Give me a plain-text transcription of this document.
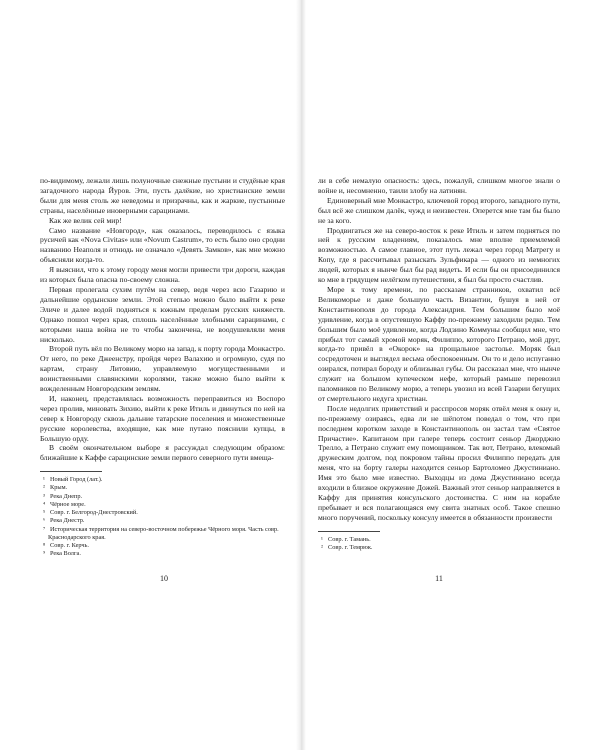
по-видимому, лежали лишь полуночные снежные пустыни и студёные края загадочного народа Йуров. Эти, пусть далёкие, но христианские земли были для меня столь же неведомы и призрачны, как и жаркие, пустынные страны, населённые иноверными сарацинами.

Как же велик сей мир!

Само название «Новгород», как оказалось, переводилось с языка русичей как «Nova Civitas» или «Novum Castrum», то есть было оно сродни названию Неаполя и отнюдь не означало «Девять Замков», как мне можно объясняли когда-то.

Я выяснил, что к этому городу меня могли привести три дороги, каждая из которых была опасна по-своему сложна.

Первая пролегала сухим путём на север, ведя через всю Газарию и дальнейшие ордынские земли. Этой степью можно было выйти к реке Эличе и далее водой подняться к южным пределам русских княжеств. Однако пошол через края, сплошь населённые злобными сарацинами, с которыми наша война не то чтобы закончена, не воодушевляли меня нисколько.

Второй путь вёл по Великому морю на запад, к порту города Монкастро. От него, по реке Джеенстру, пройдя через Валахию и огромную, судя по картам, страну Литовию, управляемую могущественными и воинственными славянскими королями, также можно было выйти к вожделенным Новгородским землям.

И, наконец, представлялась возможность переправиться из Воспоро через пролив, миновать Зихию, выйти к реке Итиль и двинуться по ней на север к Новгороду сквозь дальние татарские поселения и множественные русские королевства, входящие, как мне путано пояснили купцы, в Большую орду.

В своём окончательном выборе я рассуждал следующим образом: ближайшие к Каффе сарацинские земли первого северного пути вмеща-

¹ Новый Город (лат.).

² Крым.

³ Река Днепр.

⁴ Чёрное море.

⁵ Совр. г. Белгород-Днестровский.

⁶ Река Днестр.

⁷ Историческая территория на северо-восточном побережье Чёрного моря. Часть совр. Краснодарского края.

⁸ Совр. г. Керчь.

⁹ Река Волга.

10

ли в себе немалую опасность: здесь, пожалуй, слишком многое знали о войне и, несомненно, таили злобу на латинян.

Единоверный мне Монкастро, ключевой город второго, западного пути, был всё же слишком далёк, чужд и неизвестен. Оперется мне там бы было не за кого.

Продвигаться же на северо-восток к реке Итиль и затем подняться по ней к русским владениям, показалось мне вполне приемлемой возможностью. А самое главное, этот путь лежал через город Матрегу и Копу, где я рассчитывал разыскать Зульфикара — одного из немногих людей, которых я нынче был бы рад видеть. И если бы он присоединился ко мне в грядущем нелёгком путешествии, я был бы просто счастлив.

Море к тому времени, по рассказам странников, охватил всё Великоморье и даже большую часть Византии, бушуя в ней от Константинополя до города Александрия. Тем большим было моё удивление, когда в опустевшую Каффу по-прежнему заходили редко. Тем большим было моё удивление, когда Лодзино Коммуны сообщил мне, что прибыл тот самый хромой моряк, Филиппо, которого Петрано, мой друг, когда-то привёл в «Окорок» на прощальное застолье. Моряк был сосредоточен и выглядел весьма обеспокоенным. Он то и дело испуганно озирался, потирал бороду и облизывал губы. Он рассказал мне, что нынче служит на большом купеческом нефе, который рамьше перевозил паломников по Великому морю, а теперь увозил из всей Газарии бегущих от смертельного недуга христиан.

После недолгих приветствий и расспросов моряк отвёл меня к окну и, по-прежнему озираясь, едва ли не шёпотом поведал о том, что при последнем коротком заходе в Константинополь он застал там «Святое Причастие». Капитаном при галере теперь состоит сеньор Джорджио Трелло, а Петрано служит ему помощником. Так вот, Петрано, влекомый дружеским долгом, под покровом тайны просил Филиппо передать для меня, что на борту галеры находится сеньор Бартоломео Джустиниано. Имя это было мне известно. Выходцы из дома Джустиниано всегда входили в близкое окружение Дожей. Важный этот сеньор направляется в Каффу для принятия консульского достоинства. С ним на корабле пребывает и вся полагающаяся ему свита знатных особ. Такое спешно много поручений, поскольку консулу имеется в обязанности произвести

¹ Совр. г. Тамань.

² Совр. г. Темрюк.

11
